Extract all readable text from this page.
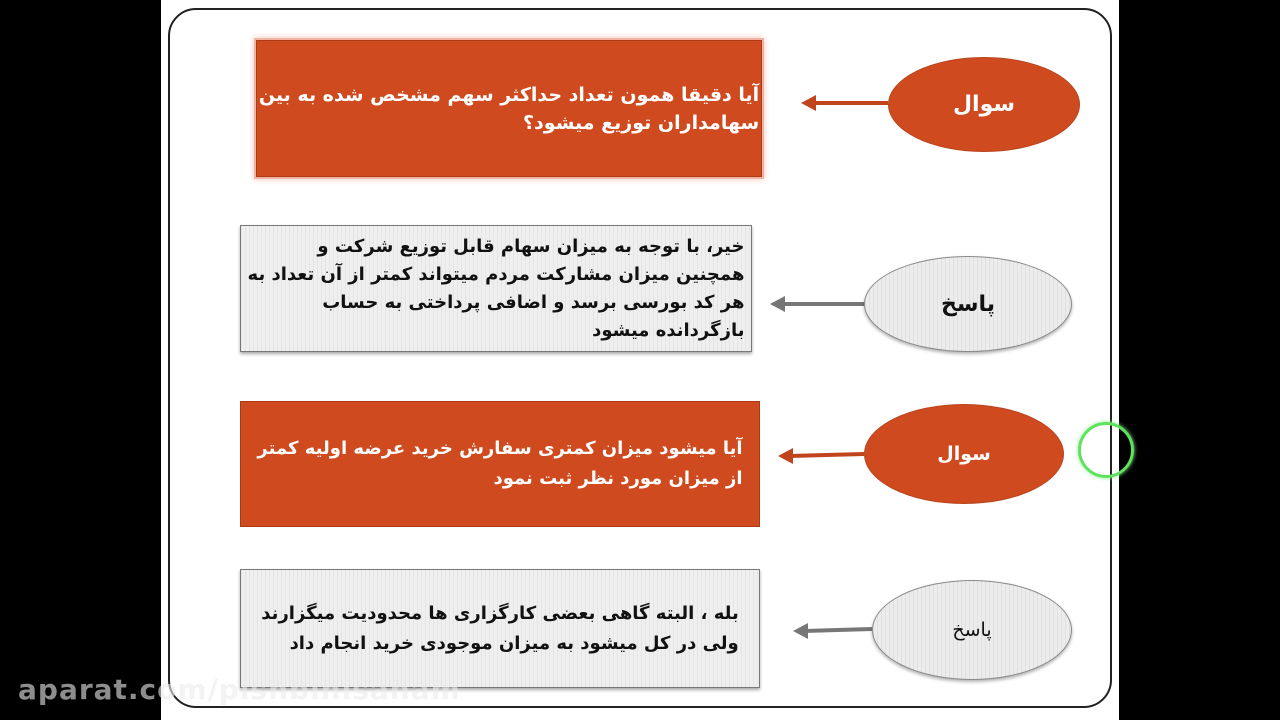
آیا دقیقا همون تعداد حداکثر سهم مشخص شده به بین
سهامداران توزیع میشود؟
سوال
خیر، با توجه به میزان سهام قابل توزیع شرکت و
همچنین میزان مشارکت مردم میتواند کمتر از آن تعداد به
هر کد بورسی برسد و اضافی پرداختی به حساب
بازگردانده میشود
پاسخ
آیا میشود میزان کمتری سفارش خرید عرضه اولیه کمتر
از میزان مورد نظر ثبت نمود
سوال
بله ، البته گاهی بعضی کارگزاری ها محدودیت میگزارند
ولی در کل میشود به میزان موجودی خرید انجام داد
پاسخ
aparat.com/pishbinisaham
